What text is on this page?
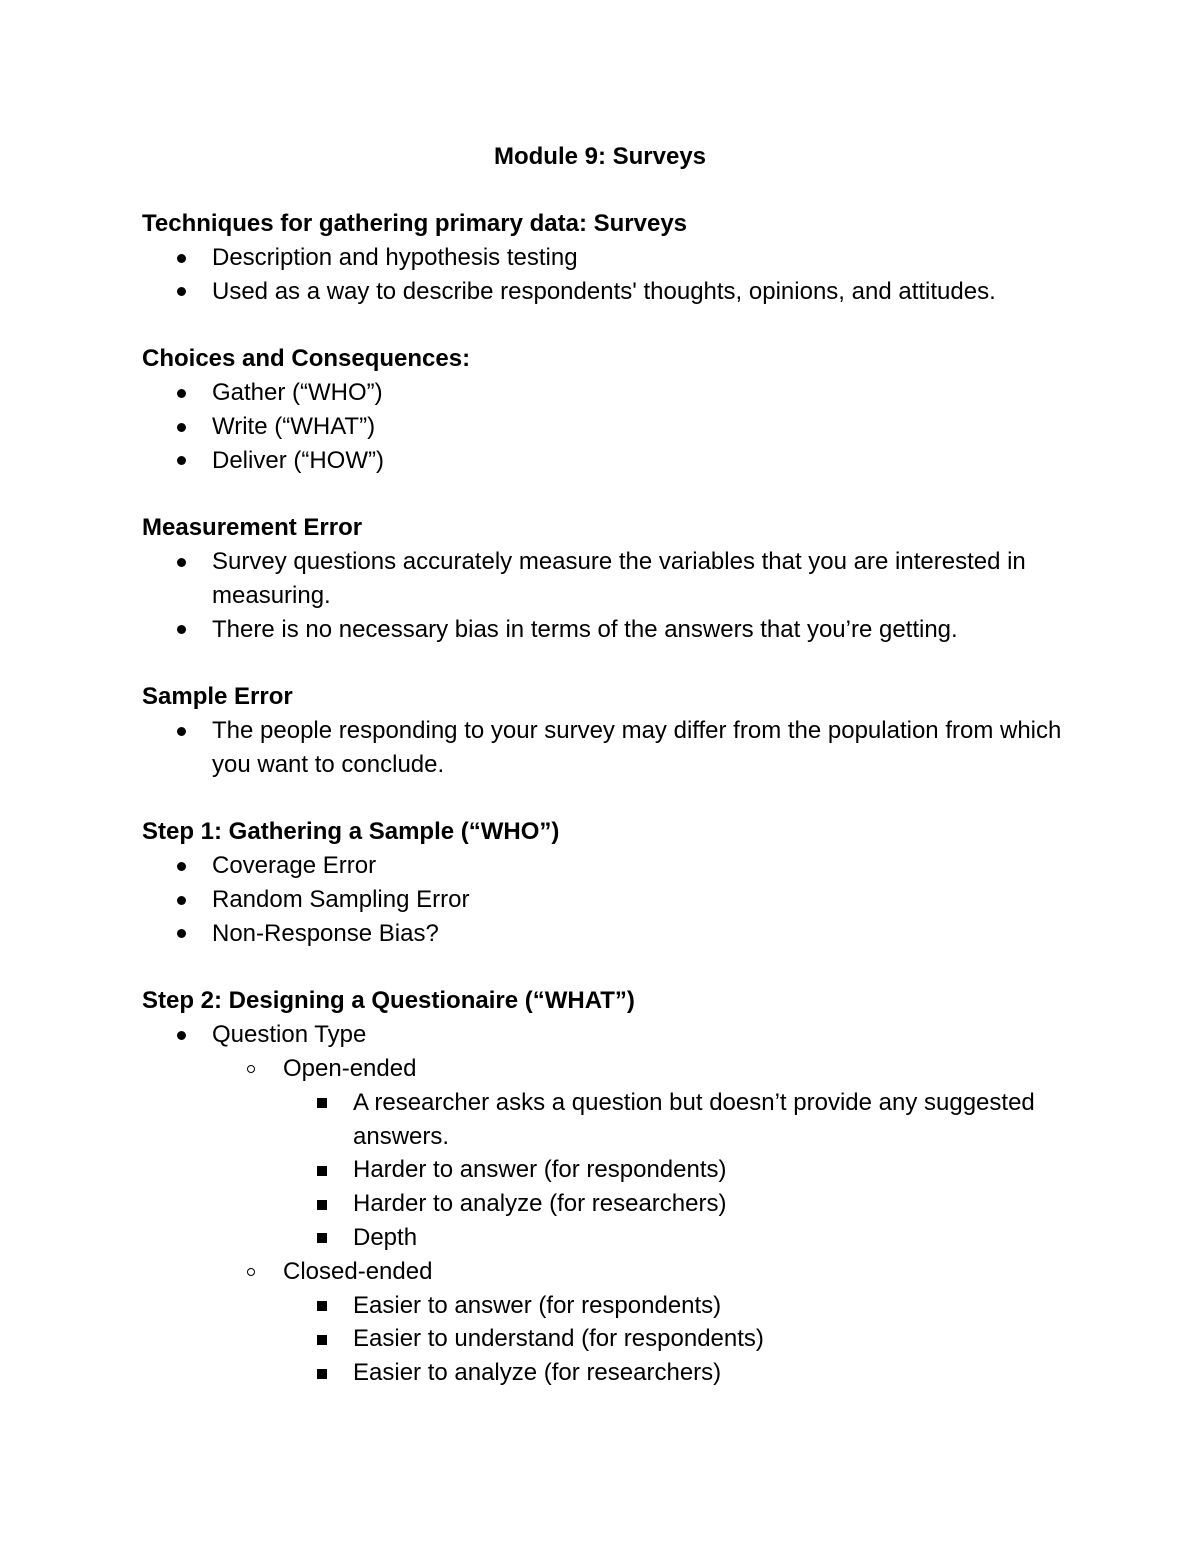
Module 9: Surveys

Techniques for gathering primary data: Surveys

Description and hypothesis testing
Used as a way to describe respondents' thoughts, opinions, and attitudes.

Choices and Consequences:

Gather (“WHO”)
Write (“WHAT”)
Deliver (“HOW”)

Measurement Error

Survey questions accurately measure the variables that you are interested in measuring.
There is no necessary bias in terms of the answers that you’re getting.

Sample Error

The people responding to your survey may differ from the population from which you want to conclude.

Step 1: Gathering a Sample (“WHO”)

Coverage Error
Random Sampling Error
Non-Response Bias?

Step 2: Designing a Questionaire (“WHAT”)

Question Type
Open-ended
A researcher asks a question but doesn’t provide any suggested answers.
Harder to answer (for respondents)
Harder to analyze (for researchers)
Depth
Closed-ended
Easier to answer (for respondents)
Easier to understand (for respondents)
Easier to analyze (for researchers)
